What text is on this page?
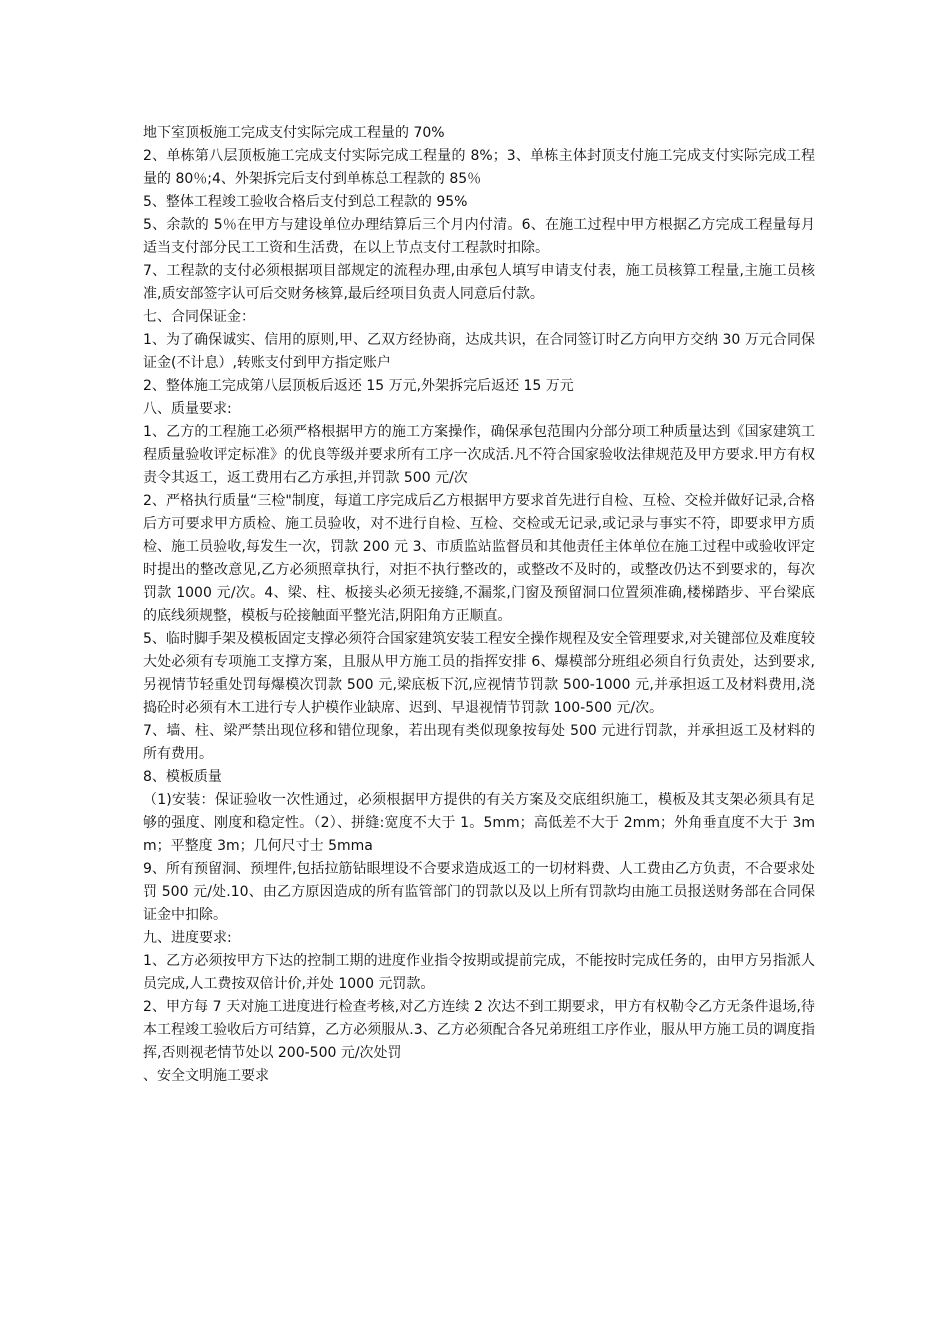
地下室顶板施工完成支付实际完成工程量的 70%

2、单栋第八层顶板施工完成支付实际完成工程量的 8%；3、单栋主体封顶支付施工完成支付实际完成工程量的 80％;4、外架拆完后支付到单栋总工程款的 85％

5、整体工程竣工验收合格后支付到总工程款的 95%

5、余款的 5％在甲方与建设单位办理结算后三个月内付清。6、在施工过程中甲方根据乙方完成工程量每月适当支付部分民工工资和生活费，在以上节点支付工程款时扣除。

7、工程款的支付必须根据项目部规定的流程办理,由承包人填写申请支付表，施工员核算工程量,主施工员核准,质安部签字认可后交财务核算,最后经项目负责人同意后付款。

七、合同保证金：

1、为了确保诚实、信用的原则,甲、乙双方经协商，达成共识，在合同签订时乙方向甲方交纳 30 万元合同保证金(不计息）,转账支付到甲方指定账户

2、整体施工完成第八层顶板后返还 15 万元,外架拆完后返还 15 万元

八、质量要求:

1、乙方的工程施工必须严格根据甲方的施工方案操作，确保承包范围内分部分项工种质量达到《国家建筑工程质量验收评定标准》的优良等级并要求所有工序一次成活.凡不符合国家验收法律规范及甲方要求.甲方有权责令其返工，返工费用右乙方承担,并罚款 500 元/次

2、严格执行质量“三检"制度，每道工序完成后乙方根据甲方要求首先进行自检、互检、交检并做好记录,合格后方可要求甲方质检、施工员验收，对不进行自检、互检、交检或无记录,或记录与事实不符，即要求甲方质检、施工员验收,每发生一次，罚款 200 元 3、市质监站监督员和其他责任主体单位在施工过程中或验收评定时提出的整改意见,乙方必须照章执行，对拒不执行整改的，或整改不及时的，或整改仍达不到要求的，每次罚款 1000 元/次。4、梁、柱、板接头必须无接缝,不漏浆,门窗及预留洞口位置须准确,楼梯踏步、平台梁底的底线须规整，模板与砼接触面平整光洁,阴阳角方正顺直。

5、临时脚手架及模板固定支撑必须符合国家建筑安装工程安全操作规程及安全管理要求,对关键部位及难度较大处必须有专项施工支撑方案，且服从甲方施工员的指挥安排 6、爆模部分班组必须自行负责处，达到要求,另视情节轻重处罚每爆模次罚款 500 元,梁底板下沉,应视情节罚款 500-1000 元,并承担返工及材料费用,浇捣砼时必须有木工进行专人护模作业缺席、迟到、早退视情节罚款 100-500 元/次。

7、墙、柱、梁严禁出现位移和错位现象，若出现有类似现象按每处 500 元进行罚款，并承担返工及材料的所有费用。

8、模板质量

（1)安装：保证验收一次性通过，必须根据甲方提供的有关方案及交底组织施工，模板及其支架必须具有足够的强度、刚度和稳定性。（2）、拼缝:宽度不大于 1。5mm；高低差不大于 2mm；外角垂直度不大于 3mm；平整度 3m；几何尺寸士 5mma

9、所有预留洞、预埋件,包括拉筋钻眼埋设不合要求造成返工的一切材料费、人工费由乙方负责，不合要求处罚 500 元/处.10、由乙方原因造成的所有监管部门的罚款以及以上所有罚款均由施工员报送财务部在合同保证金中扣除。

九、进度要求:

1、乙方必须按甲方下达的控制工期的进度作业指令按期或提前完成，不能按时完成任务的，由甲方另指派人员完成,人工费按双倍计价,并处 1000 元罚款。

2、甲方每 7 天对施工进度进行检查考核,对乙方连续 2 次达不到工期要求，甲方有权勒令乙方无条件退场,待本工程竣工验收后方可结算，乙方必须服从.3、乙方必须配合各兄弟班组工序作业，服从甲方施工员的调度指挥,否则视老情节处以 200-500 元/次处罚

、安全文明施工要求
